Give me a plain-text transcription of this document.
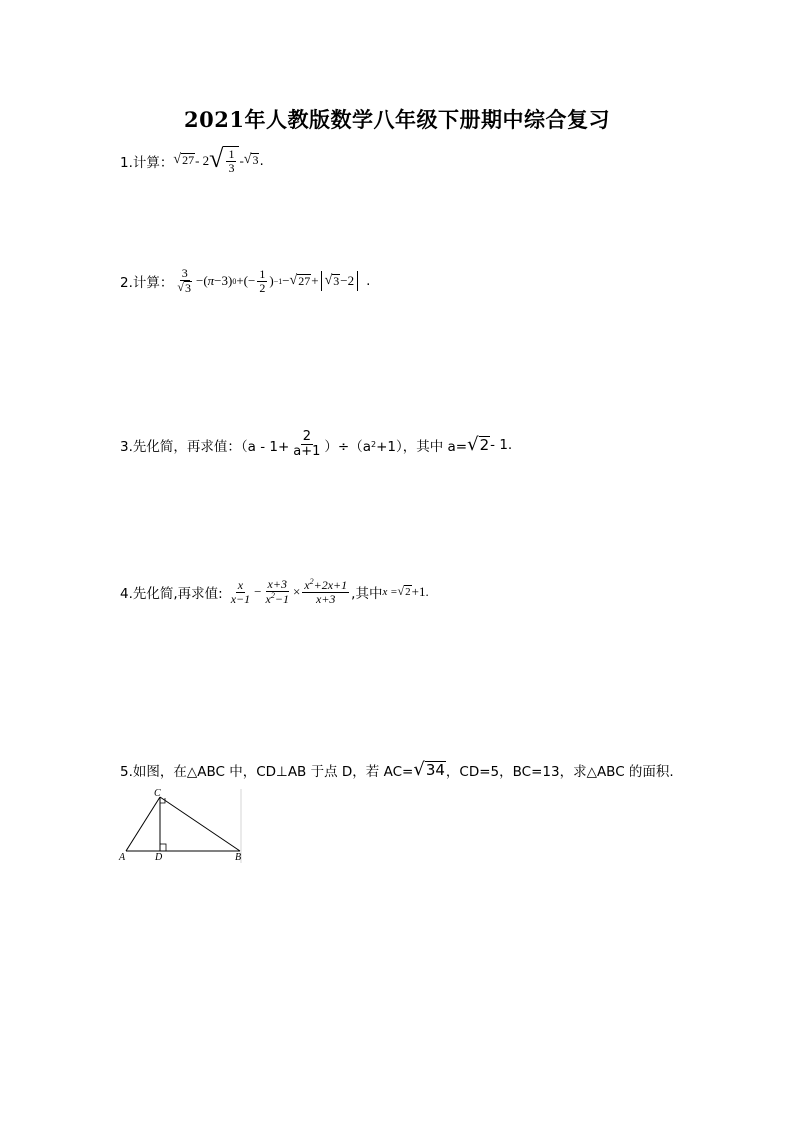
2021年人教版数学八年级下册期中综合复习
1.计算： √ 27 - 2 √ $\frac{1}{3}$ - √ 3 .
2.计算： $\frac{3}{√ 3}$ −( π −3) 0 +(− $\frac{1}{2}$ ) −1 − √ 27 + √ 3 −2 .
3.先化简，再求值：$(a - 1+ \frac{2}{a+1} )\div(a$ 2 +1），其中 a= √ 2 - 1.
4.先化简,再求值: $\frac{x}{x-1} - \frac{x+3}{x^2-1} \times \frac{x^2+2x+1}{x+3}$ ,其中 x = √ 2 +1.
5.如图，在△ABC 中，CD⊥AB 于点 D，若 AC= √ 34 ，CD=5，BC=13，求△ABC 的面积.
C
A	D	B
